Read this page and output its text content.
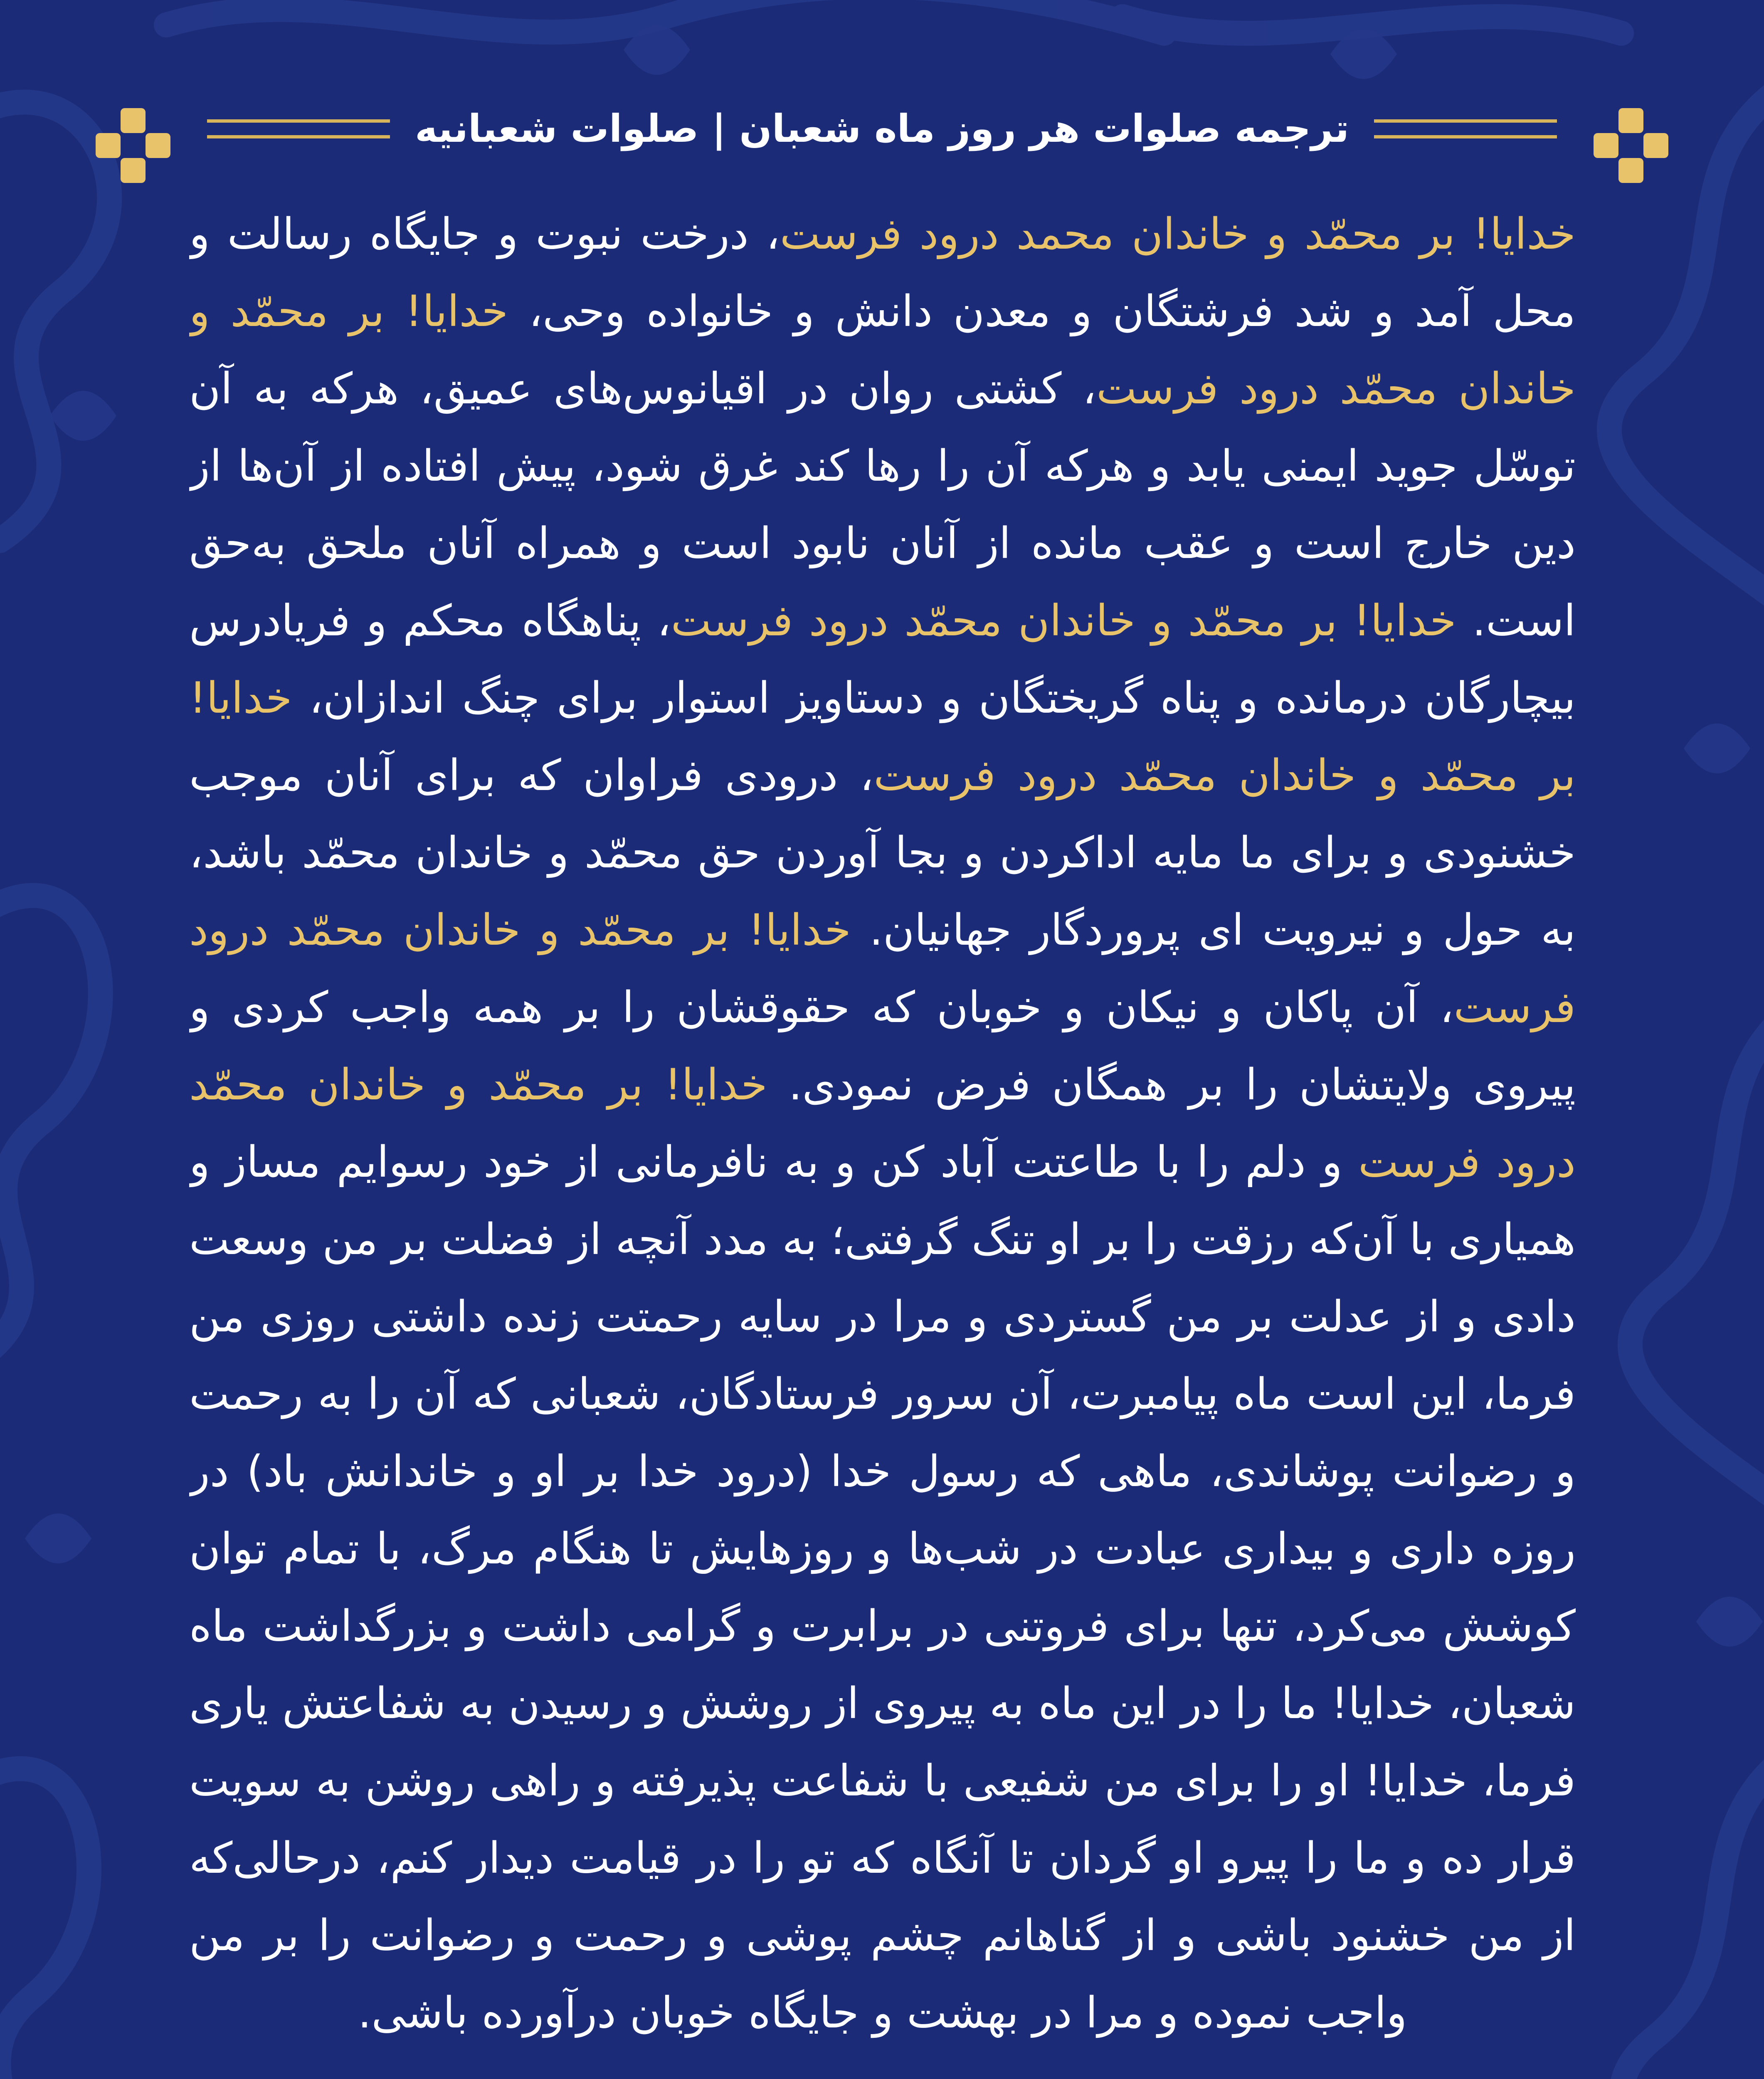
ترجمه صلوات هر روز ماه شعبان | صلوات شعبانیه
خدایا! بر محمّد و خاندان محمد درود فرست، درخت نبوت و جایگاه رسالت و محل آمد و شد فرشتگان و معدن دانش و خانواده وحی، خدایا! بر محمّد و خاندان محمّد درود فرست، کشتی روان در اقیانوس‌های عمیق، هرکه به آن توسّل جوید ایمنی یابد و هرکه آن را رها کند غرق شود، پیش افتاده از آن‌ها از دین خارج است و عقب مانده از آنان نابود است و همراه آنان ملحق به‌حق است. خدایا! بر محمّد و خاندان محمّد درود فرست، پناهگاه محکم و فریادرس بیچارگان درمانده و پناه گریختگان و دستاویز استوار برای چنگ اندازان، خدایا! بر محمّد و خاندان محمّد درود فرست، درودی فراوان که برای آنان موجب خشنودی و برای ما مایه اداکردن و بجا آوردن حق محمّد و خاندان محمّد باشد، به حول و نیرویت ای پروردگار جهانیان. خدایا! بر محمّد و خاندان محمّد درود فرست، آن پاکان و نیکان و خوبان که حقوقشان را بر همه واجب کردی و پیروی ولایتشان را بر همگان فرض نمودی. خدایا! بر محمّد و خاندان محمّد درود فرست و دلم را با طاعتت آباد کن و به نافرمانی از خود رسوایم مساز و همیاری با آن‌که رزقت را بر او تنگ گرفتی؛ به مدد آنچه از فضلت بر من وسعت دادی و از عدلت بر من گستردی و مرا در سایه رحمتت زنده داشتی روزی من فرما، این است ماه پیامبرت، آن سرور فرستادگان، شعبانی که آن را به رحمت و رضوانت پوشاندی، ماهی که رسول خدا (درود خدا بر او و خاندانش باد) در روزه داری و بیداری عبادت در شب‌ها و روزهایش تا هنگام مرگ، با تمام توان کوشش می‌کرد، تنها برای فروتنی در برابرت و گرامی داشت و بزرگداشت ماه شعبان، خدایا! ما را در این ماه به پیروی از روشش و رسیدن به شفاعتش یاری فرما، خدایا! او را برای من شفیعی با شفاعت پذیرفته و راهی روشن به سویت قرار ده و ما را پیرو او گردان تا آنگاه که تو را در قیامت دیدار کنم، درحالی‌که از من خشنود باشی و از گناهانم چشم پوشی و رحمت و رضوانت را بر من واجب نموده و مرا در بهشت و جایگاه خوبان درآورده باشی.
